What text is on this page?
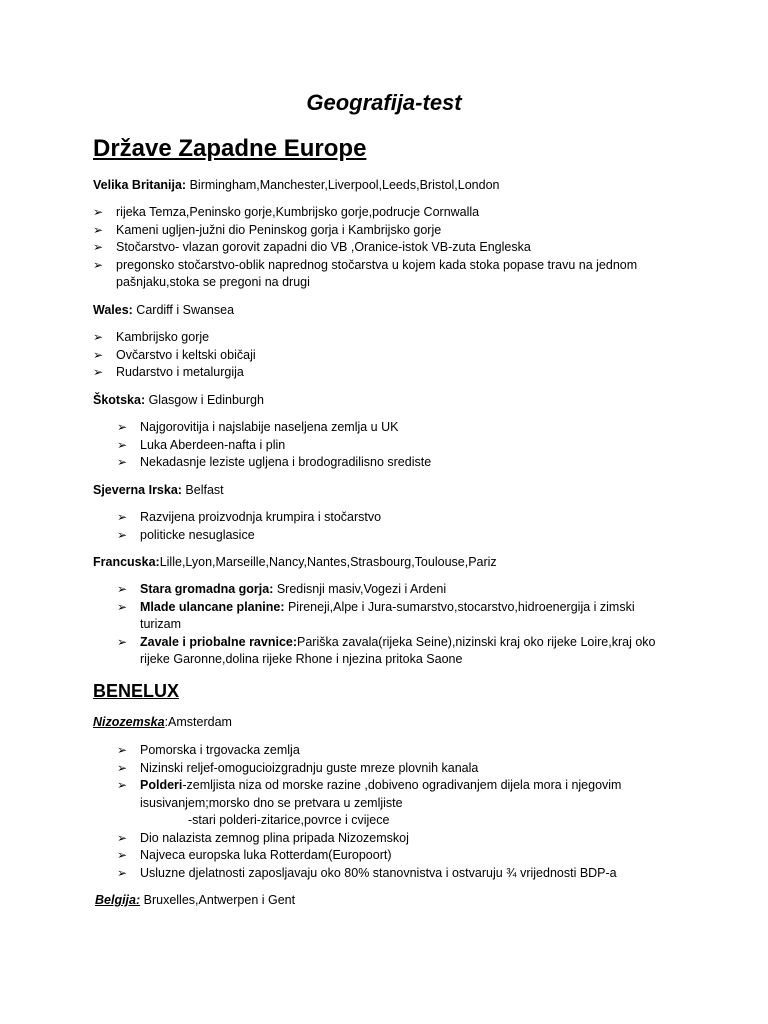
Geografija-test
Države Zapadne Europe
Velika Britanija: Birmingham,Manchester,Liverpool,Leeds,Bristol,London
➢	rijeka Temza,Peninsko gorje,Kumbrijsko gorje,podrucje Cornwalla
➢	Kameni ugljen-južni dio Peninskog gorja i Kambrijsko gorje
➢	Stočarstvo- vlazan gorovit zapadni dio VB ,Oranice-istok VB-zuta Engleska
➢	pregonsko stočarstvo-oblik naprednog stočarstva u kojem kada stoka popase travu na jednom
pašnjaku,stoka se pregoni na drugi
Wales: Cardiff i Swansea
➢	Kambrijsko gorje
➢	Ovčarstvo i keltski običaji
➢	Rudarstvo i metalurgija
Škotska: Glasgow i Edinburgh
➢	Najgorovitija i najslabije naseljena zemlja u UK
➢	Luka Aberdeen-nafta i plin
➢	Nekadasnje leziste ugljena i brodogradilisno srediste
Sjeverna Irska: Belfast
➢	Razvijena proizvodnja krumpira i stočarstvo
➢	politicke nesuglasice
Francuska:Lille,Lyon,Marseille,Nancy,Nantes,Strasbourg,Toulouse,Pariz
➢	Stara gromadna gorja: Sredisnji masiv,Vogezi i Ardeni
➢	Mlade ulancane planine: Pireneji,Alpe i Jura-sumarstvo,stocarstvo,hidroenergija i zimski
turizam
➢	Zavale i priobalne ravnice:Pariška zavala(rijeka Seine),nizinski kraj oko rijeke Loire,kraj oko
rijeke Garonne,dolina rijeke Rhone i njezina pritoka Saone
BENELUX
Nizozemska:Amsterdam
➢	Pomorska i trgovacka zemlja
➢	Nizinski reljef-omogucioizgradnju guste mreze plovnih kanala
➢	Polderi-zemljista niza od morske razine ,dobiveno ogradivanjem dijela mora i njegovim
isusivanjem;morsko dno se pretvara u zemljiste
-stari polderi-zitarice,povrce i cvijece
➢	Dio nalazista zemnog plina pripada Nizozemskoj
➢	Najveca europska luka Rotterdam(Europoort)
➢	Usluzne djelatnosti zaposljavaju oko 80% stanovnistva i ostvaruju ¾ vrijednosti BDP-a
Belgija: Bruxelles,Antwerpen i Gent
